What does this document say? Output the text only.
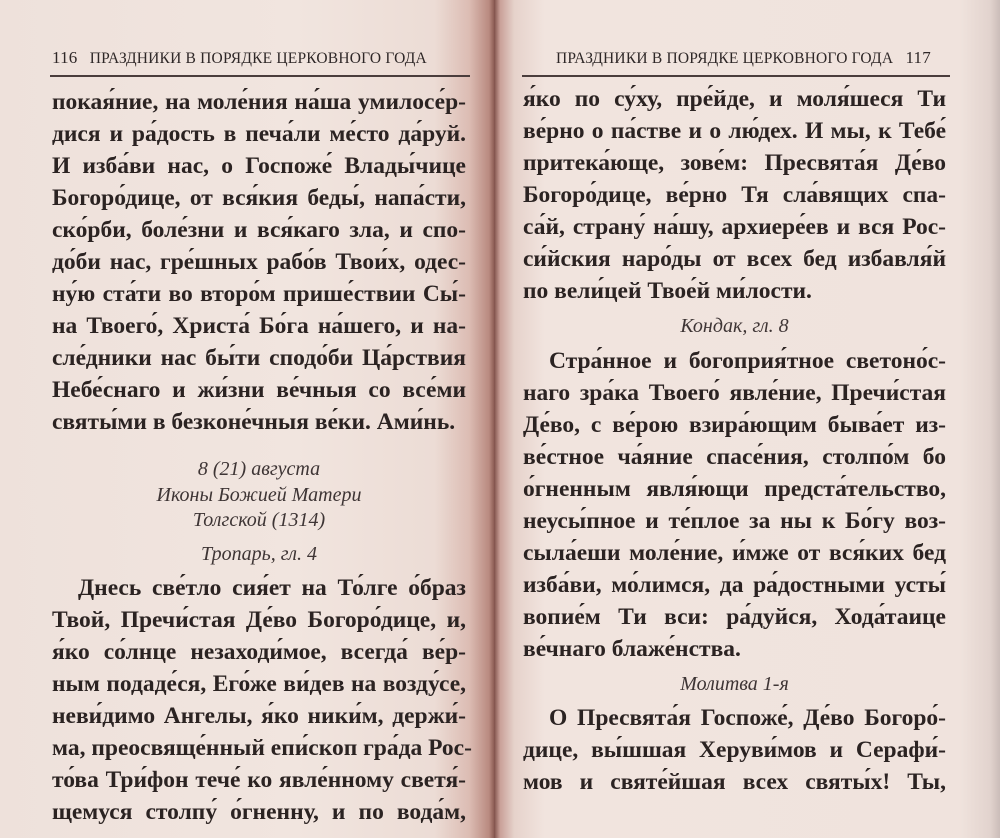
116 ПРАЗДНИКИ В ПОРЯДКЕ ЦЕРКОВНОГО ГОДА
покая́ние, на моле́ния на́ша умилосе́р-
дися и ра́дость в печа́ли ме́сто да́руй.
И изба́ви нас, о Госпоже́ Влады́чице
Богоро́дице, от вся́кия беды́, напа́сти,
ско́рби, боле́зни и вся́каго зла, и спо-
до́би нас, гре́шных рабо́в Твои́х, одес-
ну́ю ста́ти во второ́м прише́ствии Сы́-
на Твоего́, Христа́ Бо́га на́шего, и на-
сле́дники нас бы́ти сподо́би Ца́рствия
Небе́снаго и жи́зни ве́чныя со все́ми
святы́ми в безконе́чныя ве́ки. Ами́нь.
8 (21) августа
Иконы Божией Матери
Толгской (1314)
Тропарь, гл. 4
Днесь све́тло сия́ет на То́лге о́браз
Твой, Пречи́стая Де́во Богоро́дице, и,
я́ко со́лнце незаходи́мое, всегда́ ве́р-
ным подаде́ся, Его́же ви́дев на возду́се,
неви́димо Ангелы, я́ко ники́м, держи́-
ма, преосвяще́нный епи́скоп гра́да Рос-
то́ва Три́фон тече́ ко явле́нному светя́-
щемуся столпу́ о́гненну, и по вода́м,
ПРАЗДНИКИ В ПОРЯДКЕ ЦЕРКОВНОГО ГОДА 117
я́ко по су́ху, пре́йде, и моля́шеся Ти
ве́рно о па́стве и о лю́дех. И мы, к Тебе́
притека́юще, зове́м: Пресвята́я Де́во
Богоро́дице, ве́рно Тя сла́вящих спа-
са́й, страну́ на́шу, архиере́ев и вся Рос-
си́йския наро́ды от всех бед избавля́й
по вели́цей Твое́й ми́лости.
Кондак, гл. 8
Стра́нное и богоприя́тное светоно́с-
наго зра́ка Твоего́ явле́ние, Пречи́стая
Де́во, с ве́рою взира́ющим быва́ет из-
ве́стное ча́яние спасе́ния, столпо́м бо
о́гненным явля́ющи предста́тельство,
неусы́пное и те́плое за ны к Бо́гу воз-
сыла́еши моле́ние, и́мже от вся́ких бед
изба́ви, мо́лимся, да ра́достными усты́
вопие́м Ти вси: ра́дуйся, Хода́таице
ве́чнаго блаже́нства.
Молитва 1-я
О Пресвята́я Госпоже́, Де́во Богоро́-
дице, вы́шшая Херуви́мов и Серафи́-
мов и святе́йшая всех святы́х! Ты,
